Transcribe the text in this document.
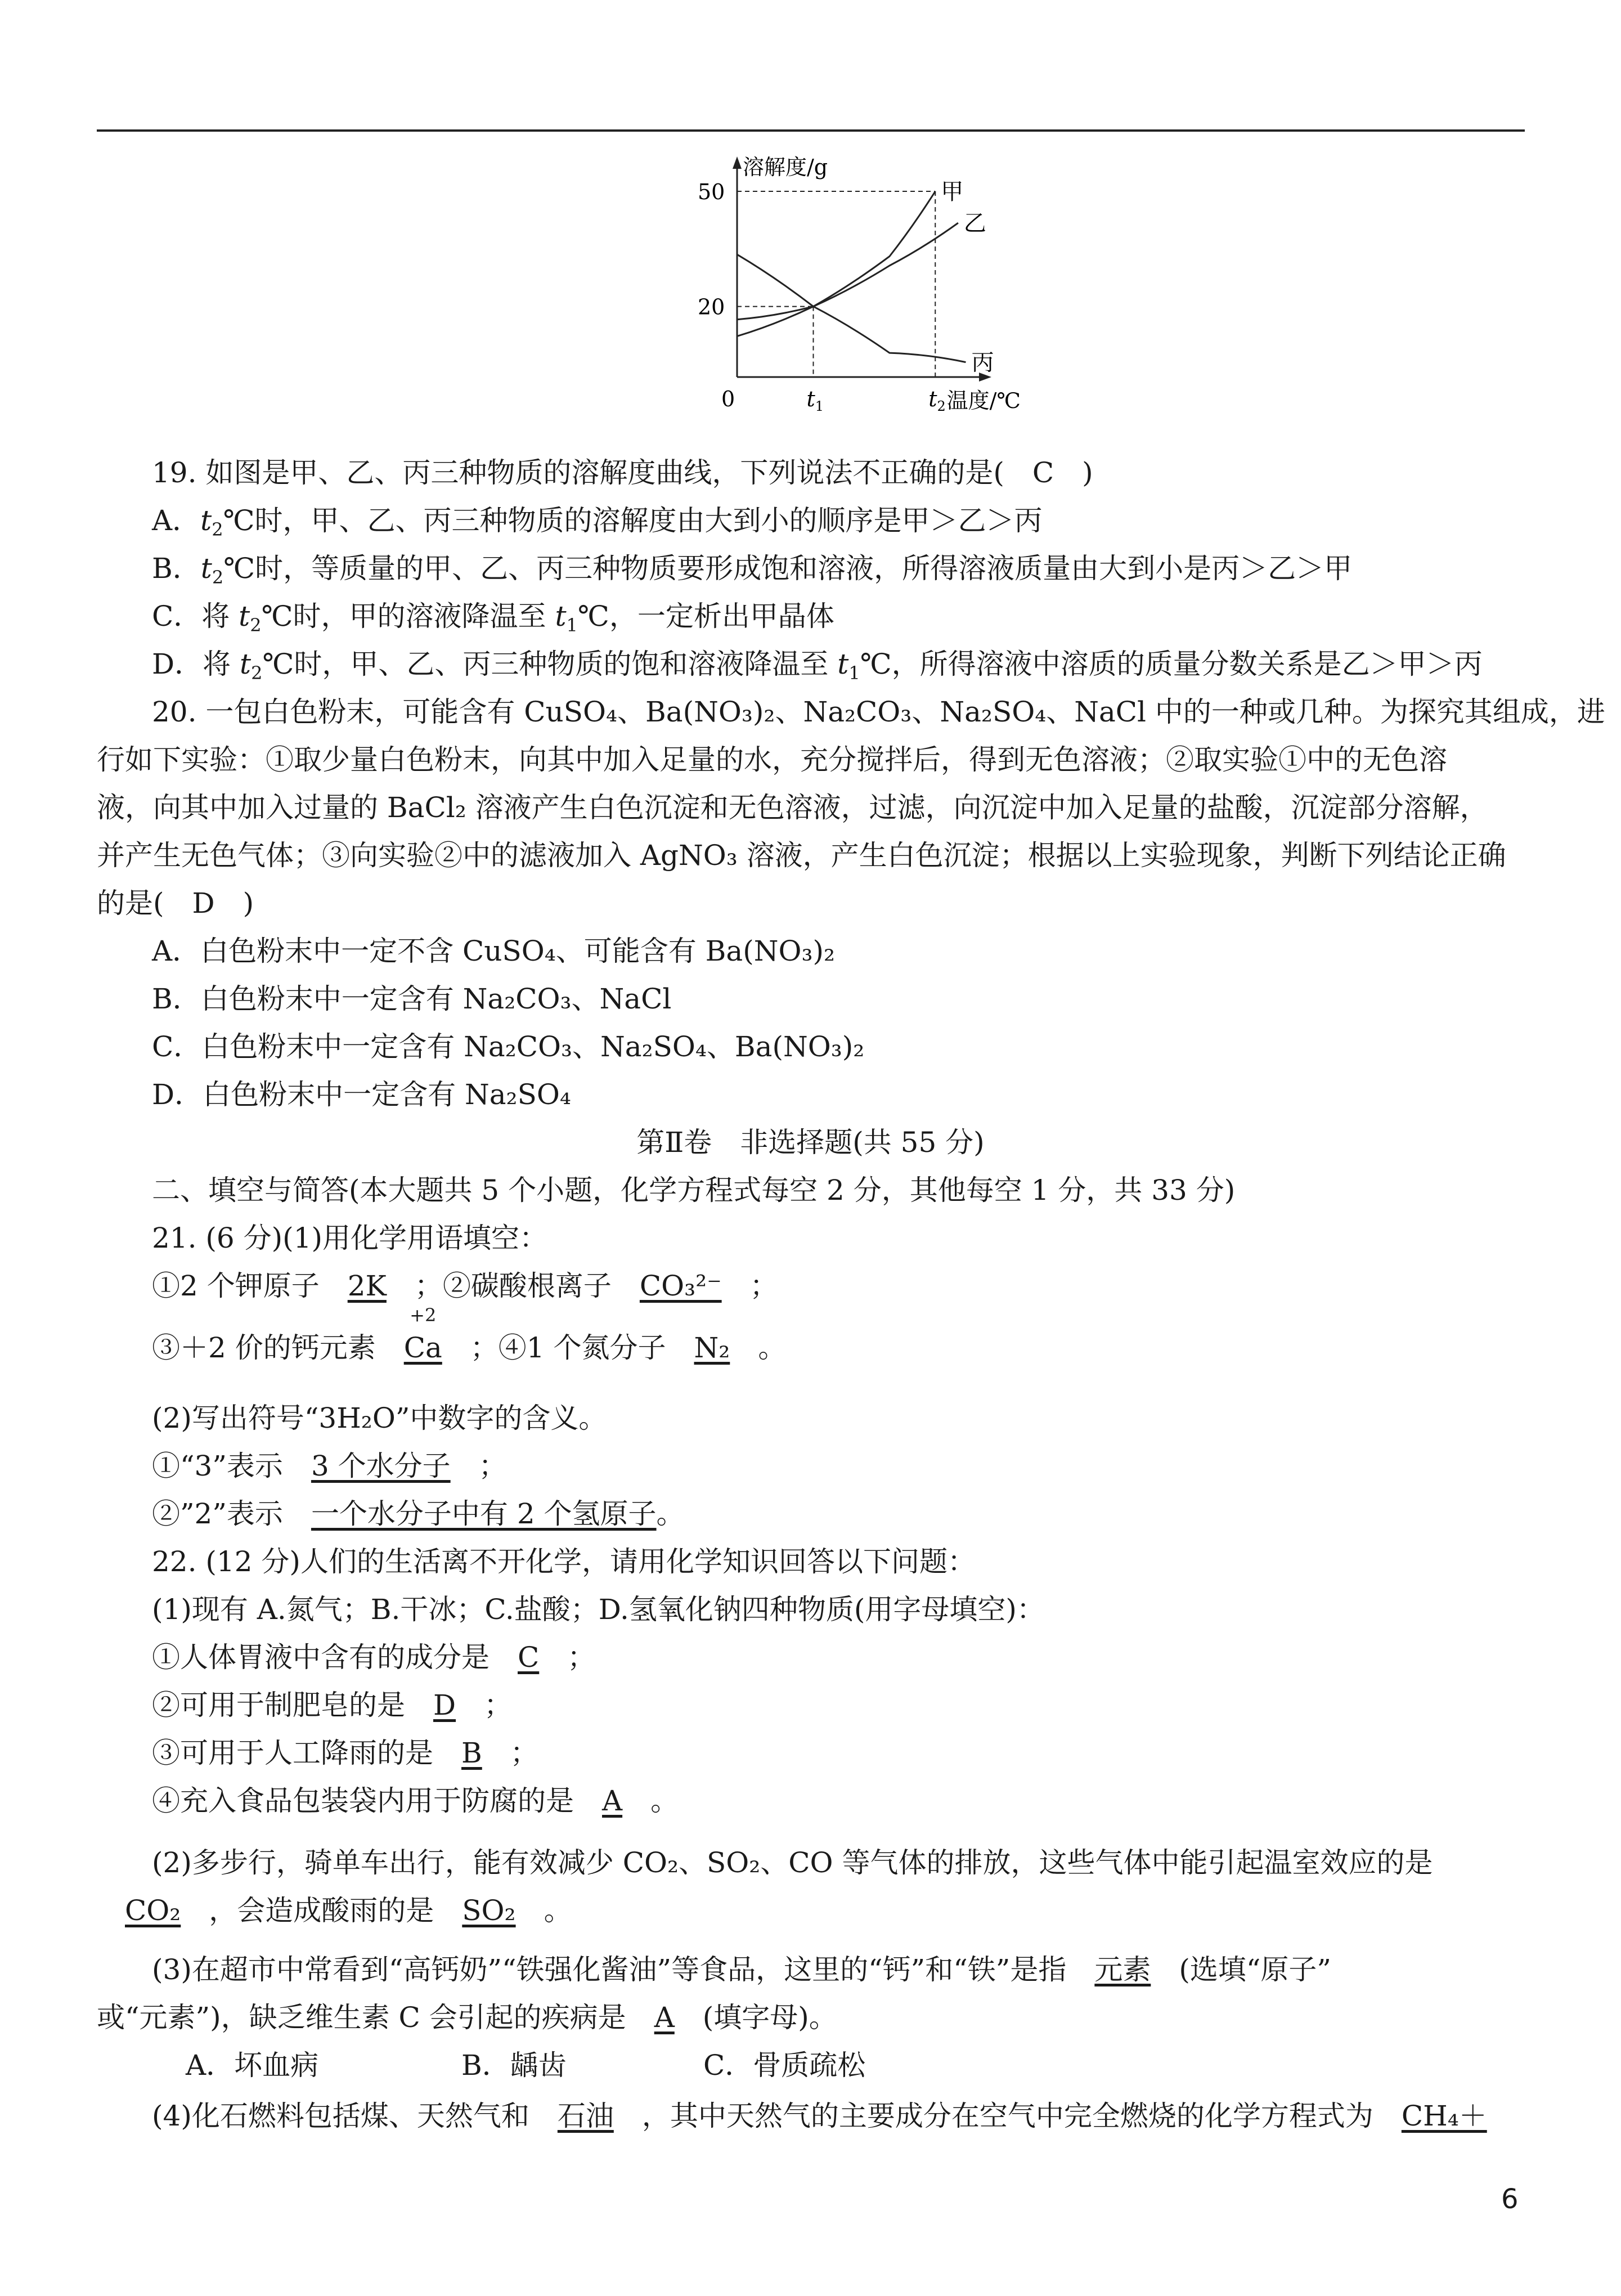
甲
乙
丙
溶解度/g
温度/℃
0
50
20
$t_1$	$t_2$
19. 如图是甲、乙、丙三种物质的溶解度曲线，下列说法不正确的是(　 C　)
A．$t_2℃$时，甲、乙、丙三种物质的溶解度由大到小的顺序是甲＞乙＞丙
B．$t_2℃$时，等质量的甲、乙、丙三种物质要形成饱和溶液，所得溶液质量由大到小是丙＞乙＞甲
C．将 $t_2℃$时，甲的溶液降温至 $t_1℃$，一定析出甲晶体
D．将 $t_2℃$时，甲、乙、丙三种物质的饱和溶液降温至 $t_1℃$，所得溶液中溶质的质量分数关系是乙＞甲＞丙
20. 一包白色粉末，可能含有 CuSO₄、Ba(NO₃)₂、Na₂CO₃、Na₂SO₄、NaCl 中的一种或几种。为探究其组成，进
行如下实验：①取少量白色粉末，向其中加入足量的水，充分搅拌后，得到无色溶液；②取实验①中的无色溶
液，向其中加入过量的 BaCl₂ 溶液产生白色沉淀和无色溶液，过滤，向沉淀中加入足量的盐酸，沉淀部分溶解，
并产生无色气体；③向实验②中的滤液加入 AgNO₃ 溶液，产生白色沉淀；根据以上实验现象，判断下列结论正确
的是(　 D　)
A．白色粉末中一定不含 CuSO₄、可能含有 Ba(NO₃)₂
B．白色粉末中一定含有 Na₂CO₃、NaCl
C．白色粉末中一定含有 Na₂CO₃、Na₂SO₄、Ba(NO₃)₂
D．白色粉末中一定含有 Na₂SO₄
第Ⅱ卷　非选择题(共 55 分)
二、填空与简答(本大题共 5 个小题，化学方程式每空 2 分，其他每空 1 分，共 33 分)
21. (6 分)(1)用化学用语填空：
①2 个钾原子　 2K　 ；②碳酸根离子　 CO₃²⁻　 ；
③＋2 价的钙元素　
+2
Ca　 ；④1 个氮分子　 N₂　 。
(2)写出符号“3H₂O”中数字的含义。
①“3”表示　 3 个水分子　 ；
②”2”表示　 一个水分子中有 2 个氢原子。
22. (12 分)人们的生活离不开化学，请用化学知识回答以下问题：
(1)现有 A.氮气；B.干冰；C.盐酸；D.氢氧化钠四种物质(用字母填空)：
①人体胃液中含有的成分是　 C　；
②可用于制肥皂的是　 D　；
③可用于人工降雨的是　 B　；
④充入食品包装袋内用于防腐的是　 A　。
(2)多步行，骑单车出行，能有效减少 CO₂、SO₂、CO 等气体的排放，这些气体中能引起温室效应的是
　CO₂　 ，会造成酸雨的是　 SO₂　。
(3)在超市中常看到“高钙奶”“铁强化酱油”等食品，这里的“钙”和“铁”是指　 元素　 (选填“原子”
或“元素”)，缺乏维生素 C 会引起的疾病是　 A　 (填字母)。
A．坏血病	B．龋齿	C．骨质疏松
(4)化石燃料包括煤、天然气和　 石油　 ，其中天然气的主要成分在空气中完全燃烧的化学方程式为　 CH₄＋
6
